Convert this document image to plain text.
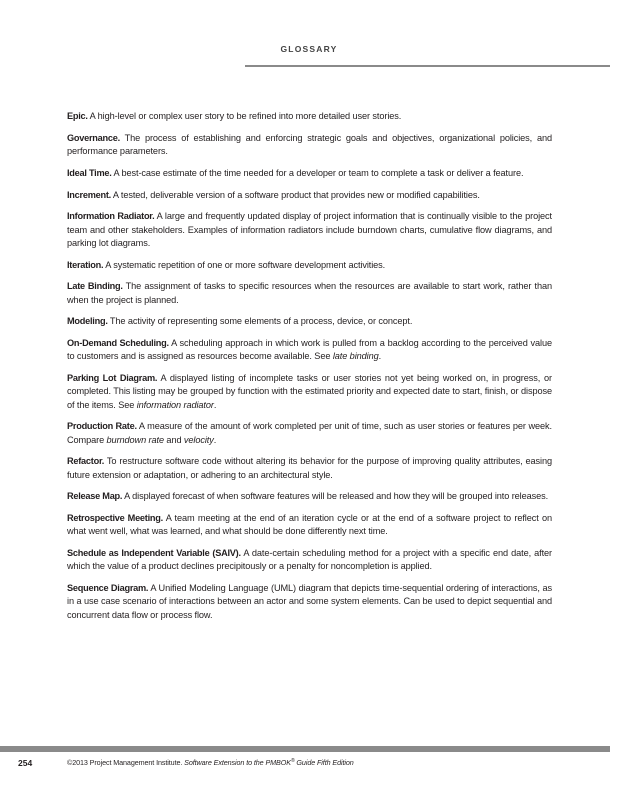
GLOSSARY

Epic. A high-level or complex user story to be refined into more detailed user stories.

Governance. The process of establishing and enforcing strategic goals and objectives, organizational policies, and performance parameters.

Ideal Time. A best-case estimate of the time needed for a developer or team to complete a task or deliver a feature.

Increment. A tested, deliverable version of a software product that provides new or modified capabilities.

Information Radiator. A large and frequently updated display of project information that is continually visible to the project team and other stakeholders. Examples of information radiators include burndown charts, cumulative flow diagrams, and parking lot diagrams.

Iteration. A systematic repetition of one or more software development activities.

Late Binding. The assignment of tasks to specific resources when the resources are available to start work, rather than when the project is planned.

Modeling. The activity of representing some elements of a process, device, or concept.

On-Demand Scheduling. A scheduling approach in which work is pulled from a backlog according to the perceived value to customers and is assigned as resources become available. See late binding.

Parking Lot Diagram. A displayed listing of incomplete tasks or user stories not yet being worked on, in progress, or completed. This listing may be grouped by function with the estimated priority and expected date to start, finish, or dispose of the items. See information radiator.

Production Rate. A measure of the amount of work completed per unit of time, such as user stories or features per week. Compare burndown rate and velocity.

Refactor. To restructure software code without altering its behavior for the purpose of improving quality attributes, easing future extension or adaptation, or adhering to an architectural style.

Release Map. A displayed forecast of when software features will be released and how they will be grouped into releases.

Retrospective Meeting. A team meeting at the end of an iteration cycle or at the end of a software project to reflect on what went well, what was learned, and what should be done differently next time.

Schedule as Independent Variable (SAIV). A date-certain scheduling method for a project with a specific end date, after which the value of a product declines precipitously or a penalty for noncompletion is applied.

Sequence Diagram. A Unified Modeling Language (UML) diagram that depicts time-sequential ordering of interactions, as in a use case scenario of interactions between an actor and some system elements. Can be used to depict sequential and concurrent data flow or process flow.

254	©2013 Project Management Institute. Software Extension to the PMBOK® Guide Fifth Edition
